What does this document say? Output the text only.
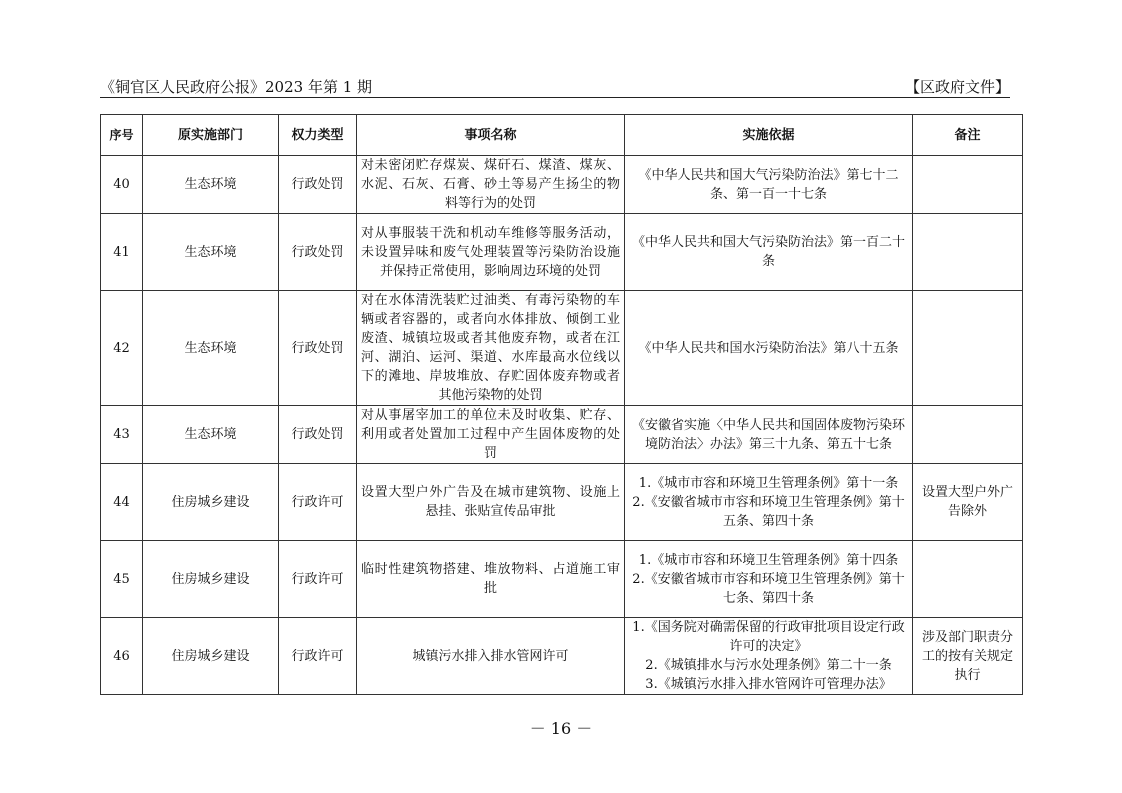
《铜官区人民政府公报》2023 年第 1 期	【区政府文件】
序号	原实施部门	权力类型	事项名称	实施依据	备注
40	生态环境	行政处罚	对未密闭贮存煤炭、煤矸石、煤渣、煤灰、水泥、石灰、石膏、砂土等易产生扬尘的物料等行为的处罚	《中华人民共和国大气污染防治法》第七十二条、第一百一十七条	

41	生态环境	行政处罚	对从事服装干洗和机动车维修等服务活动，未设置异味和废气处理装置等污染防治设施并保持正常使用，影响周边环境的处罚	《中华人民共和国大气污染防治法》第一百二十条	

42	生态环境	行政处罚	对在水体清洗装贮过油类、有毒污染物的车辆或者容器的，或者向水体排放、倾倒工业废渣、城镇垃圾或者其他废弃物，或者在江河、湖泊、运河、渠道、水库最高水位线以下的滩地、岸坡堆放、存贮固体废弃物或者其他污染物的处罚	《中华人民共和国水污染防治法》第八十五条	

43	生态环境	行政处罚	对从事屠宰加工的单位未及时收集、贮存、利用或者处置加工过程中产生固体废物的处罚	《安徽省实施〈中华人民共和国固体废物污染环境防治法〉办法》第三十九条、第五十七条	

44	住房城乡建设	行政许可	设置大型户外广告及在城市建筑物、设施上悬挂、张贴宣传品审批	1.《城市市容和环境卫生管理条例》第十一条
2.《安徽省城市市容和环境卫生管理条例》第十五条、第四十条	设置大型户外广告除外
45	住房城乡建设	行政许可	临时性建筑物搭建、堆放物料、占道施工审批	1.《城市市容和环境卫生管理条例》第十四条
2.《安徽省城市市容和环境卫生管理条例》第十七条、第四十条	

46	住房城乡建设	行政许可	城镇污水排入排水管网许可	1.《国务院对确需保留的行政审批项目设定行政许可的决定》
2.《城镇排水与污水处理条例》第二十一条
3.《城镇污水排入排水管网许可管理办法》	涉及部门职责分工的按有关规定执行
－ 16 －
